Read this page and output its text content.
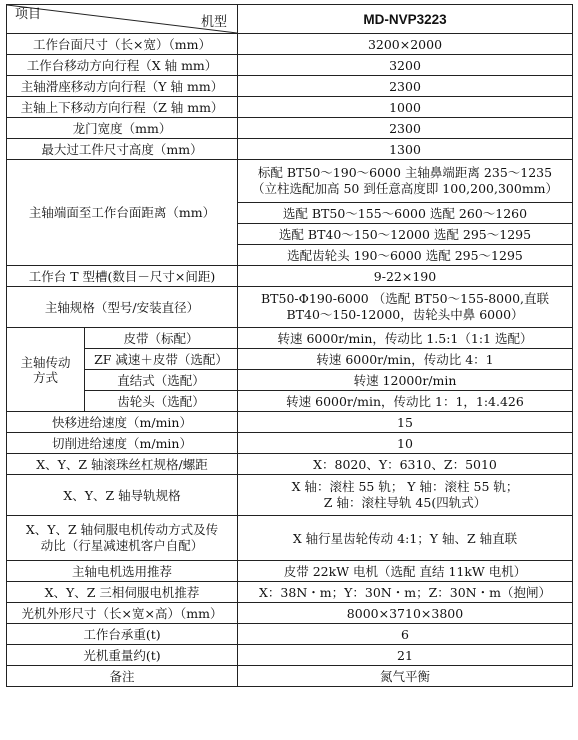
项目
机型		MD-NVP3223
工作台面尺寸（长×宽）（mm）		3200×2000
工作台移动方向行程（X 轴 mm）		3200
主轴滑座移动方向行程（Y 轴 mm）		2300
主轴上下移动方向行程（Z 轴 mm）		1000
龙门宽度（mm）		2300
最大过工件尺寸高度（mm）		1300
主轴端面至工作台面距离（mm）		标配 BT50～190～6000 主轴鼻端距离 235～1235
（立柱选配加高 50 到任意高度即 100,200,300mm）

		选配 BT50～155～6000 选配 260～1260
		选配 BT40～150～12000 选配 295～1295
		选配齿轮头 190～6000 选配 295～1295
工作台 T 型槽(数目－尺寸×间距)		9-22×190
主轴规格（型号/安装直径）		BT50-Φ190-6000 （选配 BT50～155-8000,直联
BT40～150-12000，齿轮头中鼻 6000）

主轴传动
方式	皮带（标配）	转速 6000r/min，传动比 1.5:1（1:1 选配）
	ZF 减速＋皮带（选配）	转速 6000r/min，传动比 4：1
	直结式（选配）	转速 12000r/min
	齿轮头（选配）	转速 6000r/min，传动比 1：1，1:4.426
快移进给速度（m/min）		15
切削进给速度（m/min）		10
X、Y、Z 轴滚珠丝杠规格/螺距		X：8020、Y：6310、Z：5010
X、Y、Z 轴导轨规格		X 轴：滚柱 55 轨； Y 轴：滚柱 55 轨；
Z 轴：滚柱导轨 45(四轨式）

X、Y、Z 轴伺服电机传动方式及传
动比（行星减速机客户自配）		X 轴行星齿轮传动 4:1；Y 轴、Z 轴直联
主轴电机选用推荐		皮带 22kW 电机（选配 直结 11kW 电机）
X、Y、Z 三相伺服电机推荐		X：38N・m；Y：30N・m；Z：30N・m（抱闸）
光机外形尺寸（长×宽×高）（mm）		8000×3710×3800
工作台承重(t)		6
光机重量约(t)		21
备注		氮气平衡
